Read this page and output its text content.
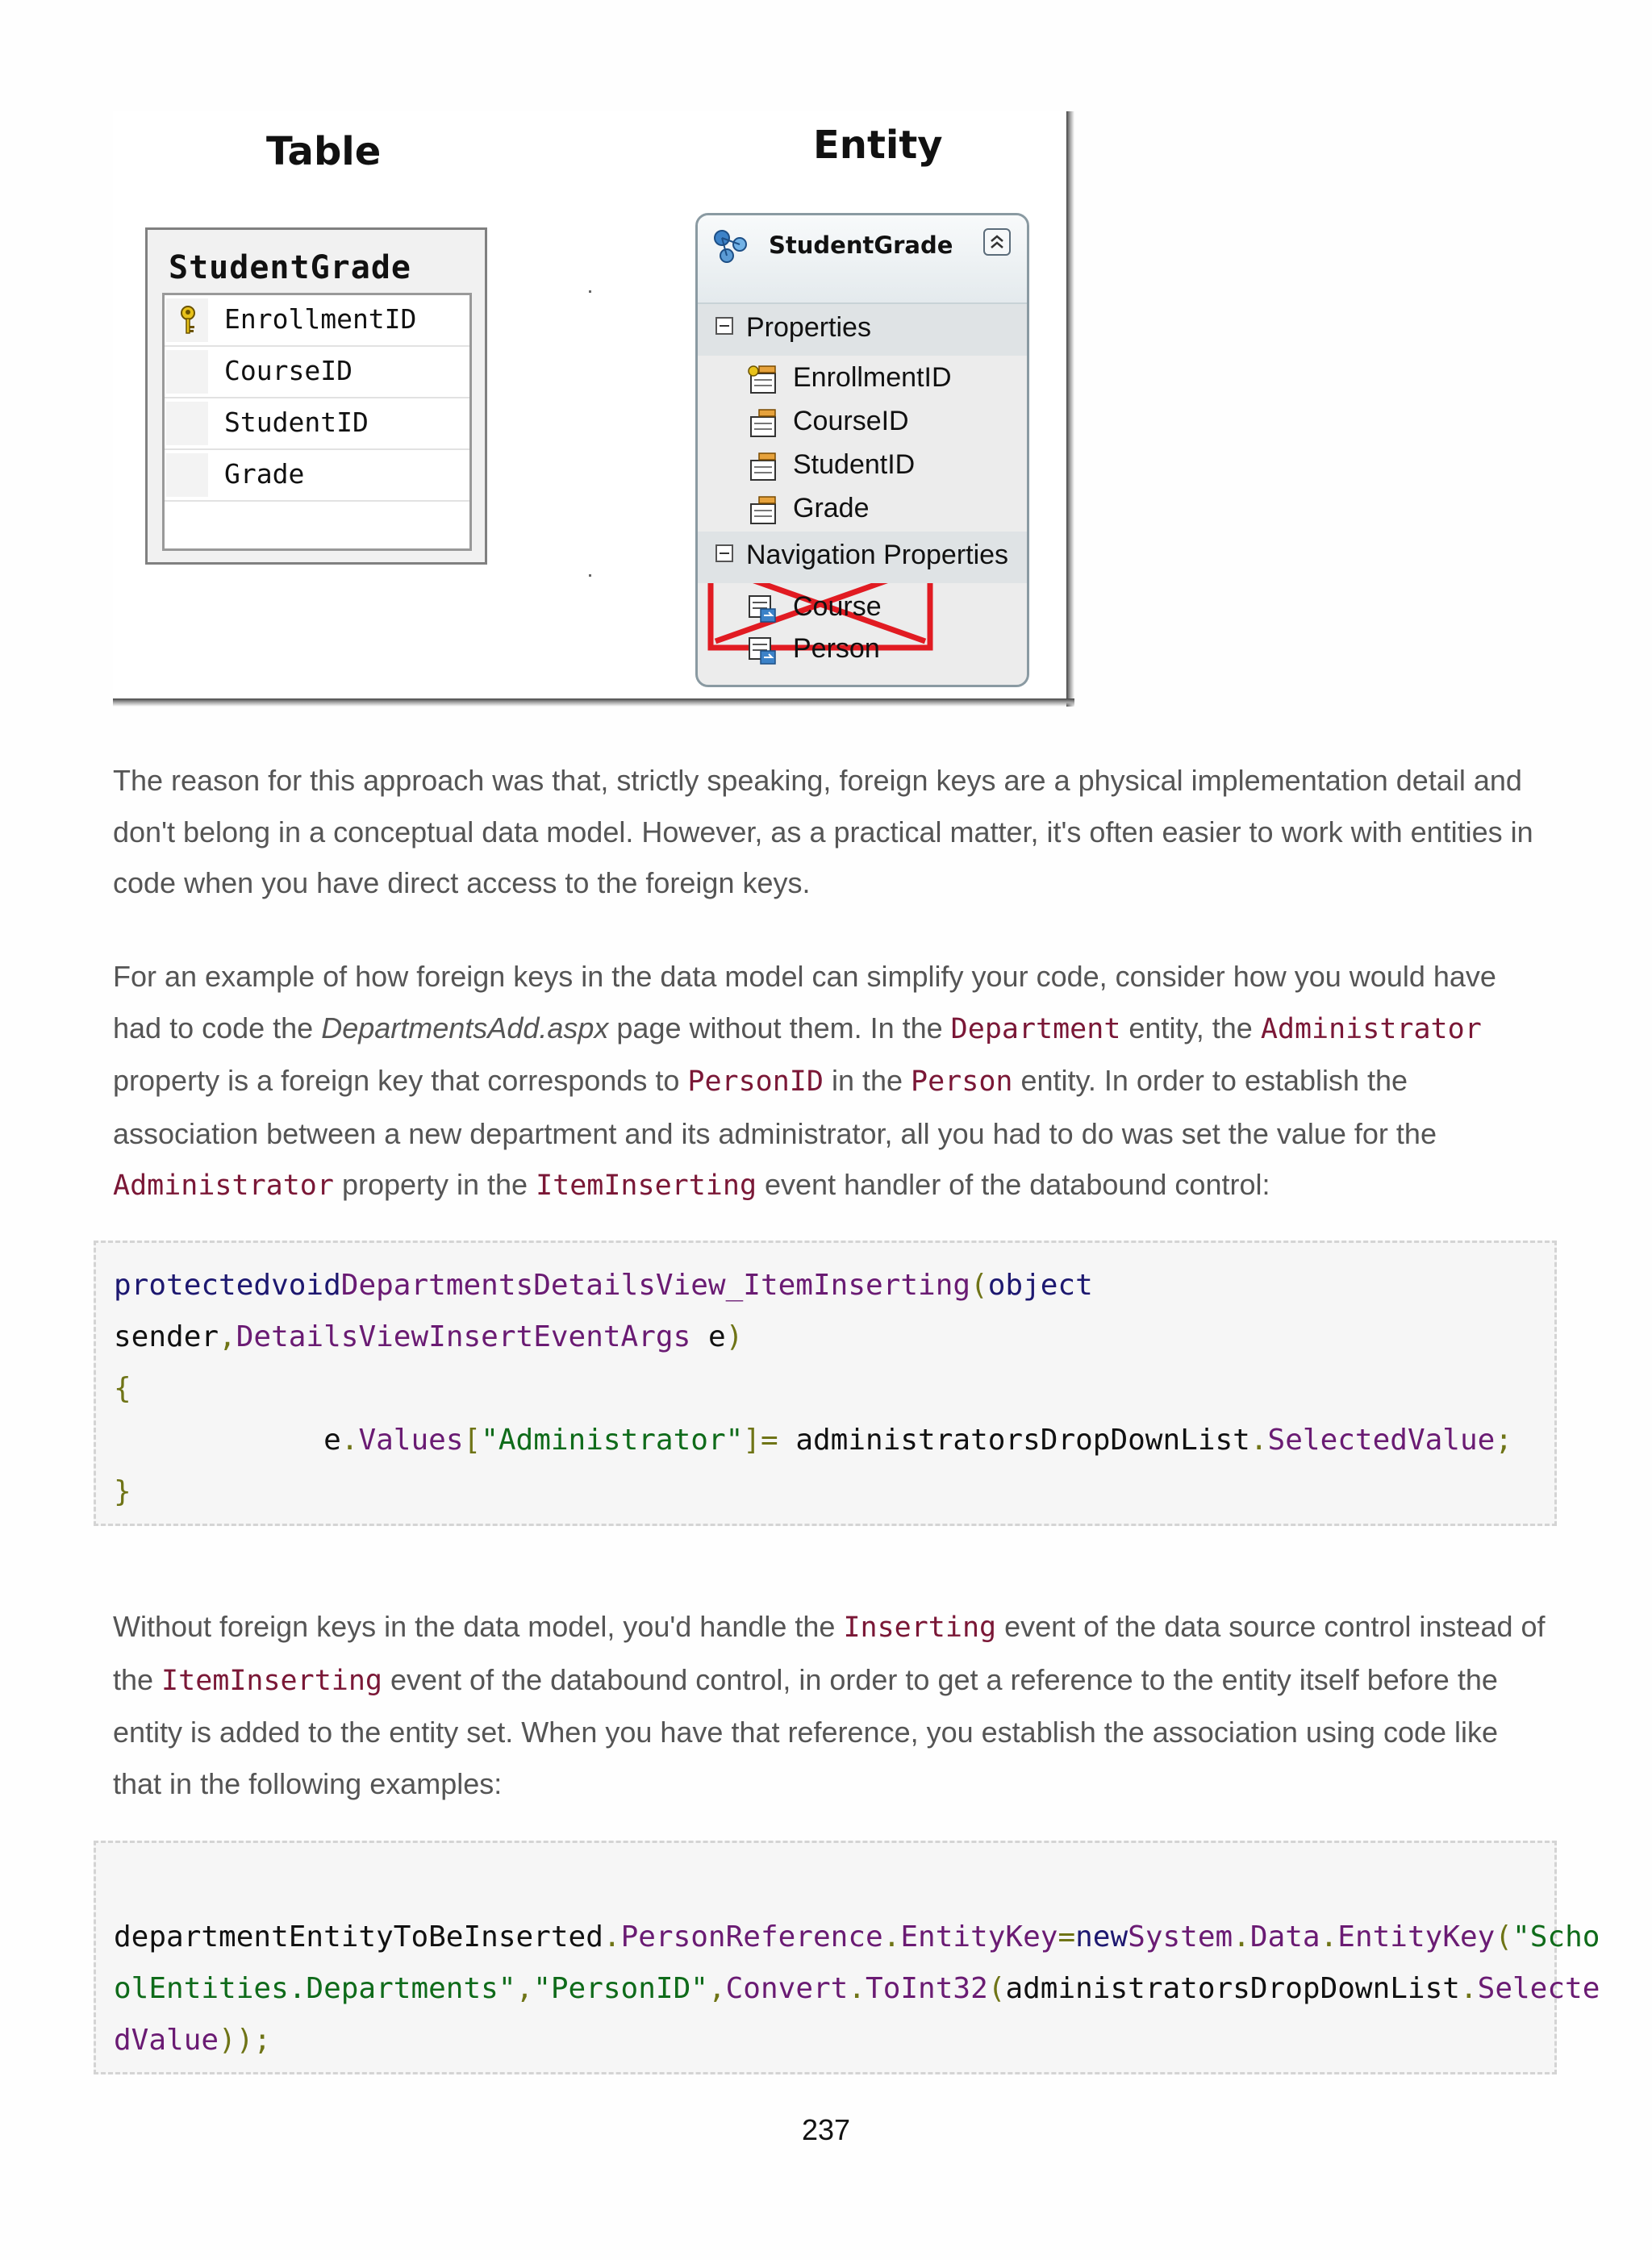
Table	Entity
StudentGrade
EnrollmentID
CourseID
StudentID
Grade
StudentGrade
Properties
EnrollmentID
CourseID
StudentID
Grade
Navigation Properties
Course
Person

The reason for this approach was that, strictly speaking, foreign keys are a physical implementation detail and don't belong in a conceptual data model. However, as a practical matter, it's often easier to work with entities in code when you have direct access to the foreign keys.

For an example of how foreign keys in the data model can simplify your code, consider how you would have had to code the DepartmentsAdd.aspx page without them. In the Department entity, the Administrator property is a foreign key that corresponds to PersonID in the Person entity. In order to establish the association between a new department and its administrator, all you had to do was set the value for the Administrator property in the ItemInserting event handler of the databound control:

protectedvoidDepartmentsDetailsView_ItemInserting(object
sender,DetailsViewInsertEventArgs e)
{
e.Values["Administrator"]= administratorsDropDownList.SelectedValue;
}

Without foreign keys in the data model, you'd handle the Inserting event of the data source control instead of the ItemInserting event of the databound control, in order to get a reference to the entity itself before the entity is added to the entity set. When you have that reference, you establish the association using code like that in the following examples:

departmentEntityToBeInserted.PersonReference.EntityKey=newSystem.Data.EntityKey("Scho
olEntities.Departments","PersonID",Convert.ToInt32(administratorsDropDownList.Selecte
dValue));
237
